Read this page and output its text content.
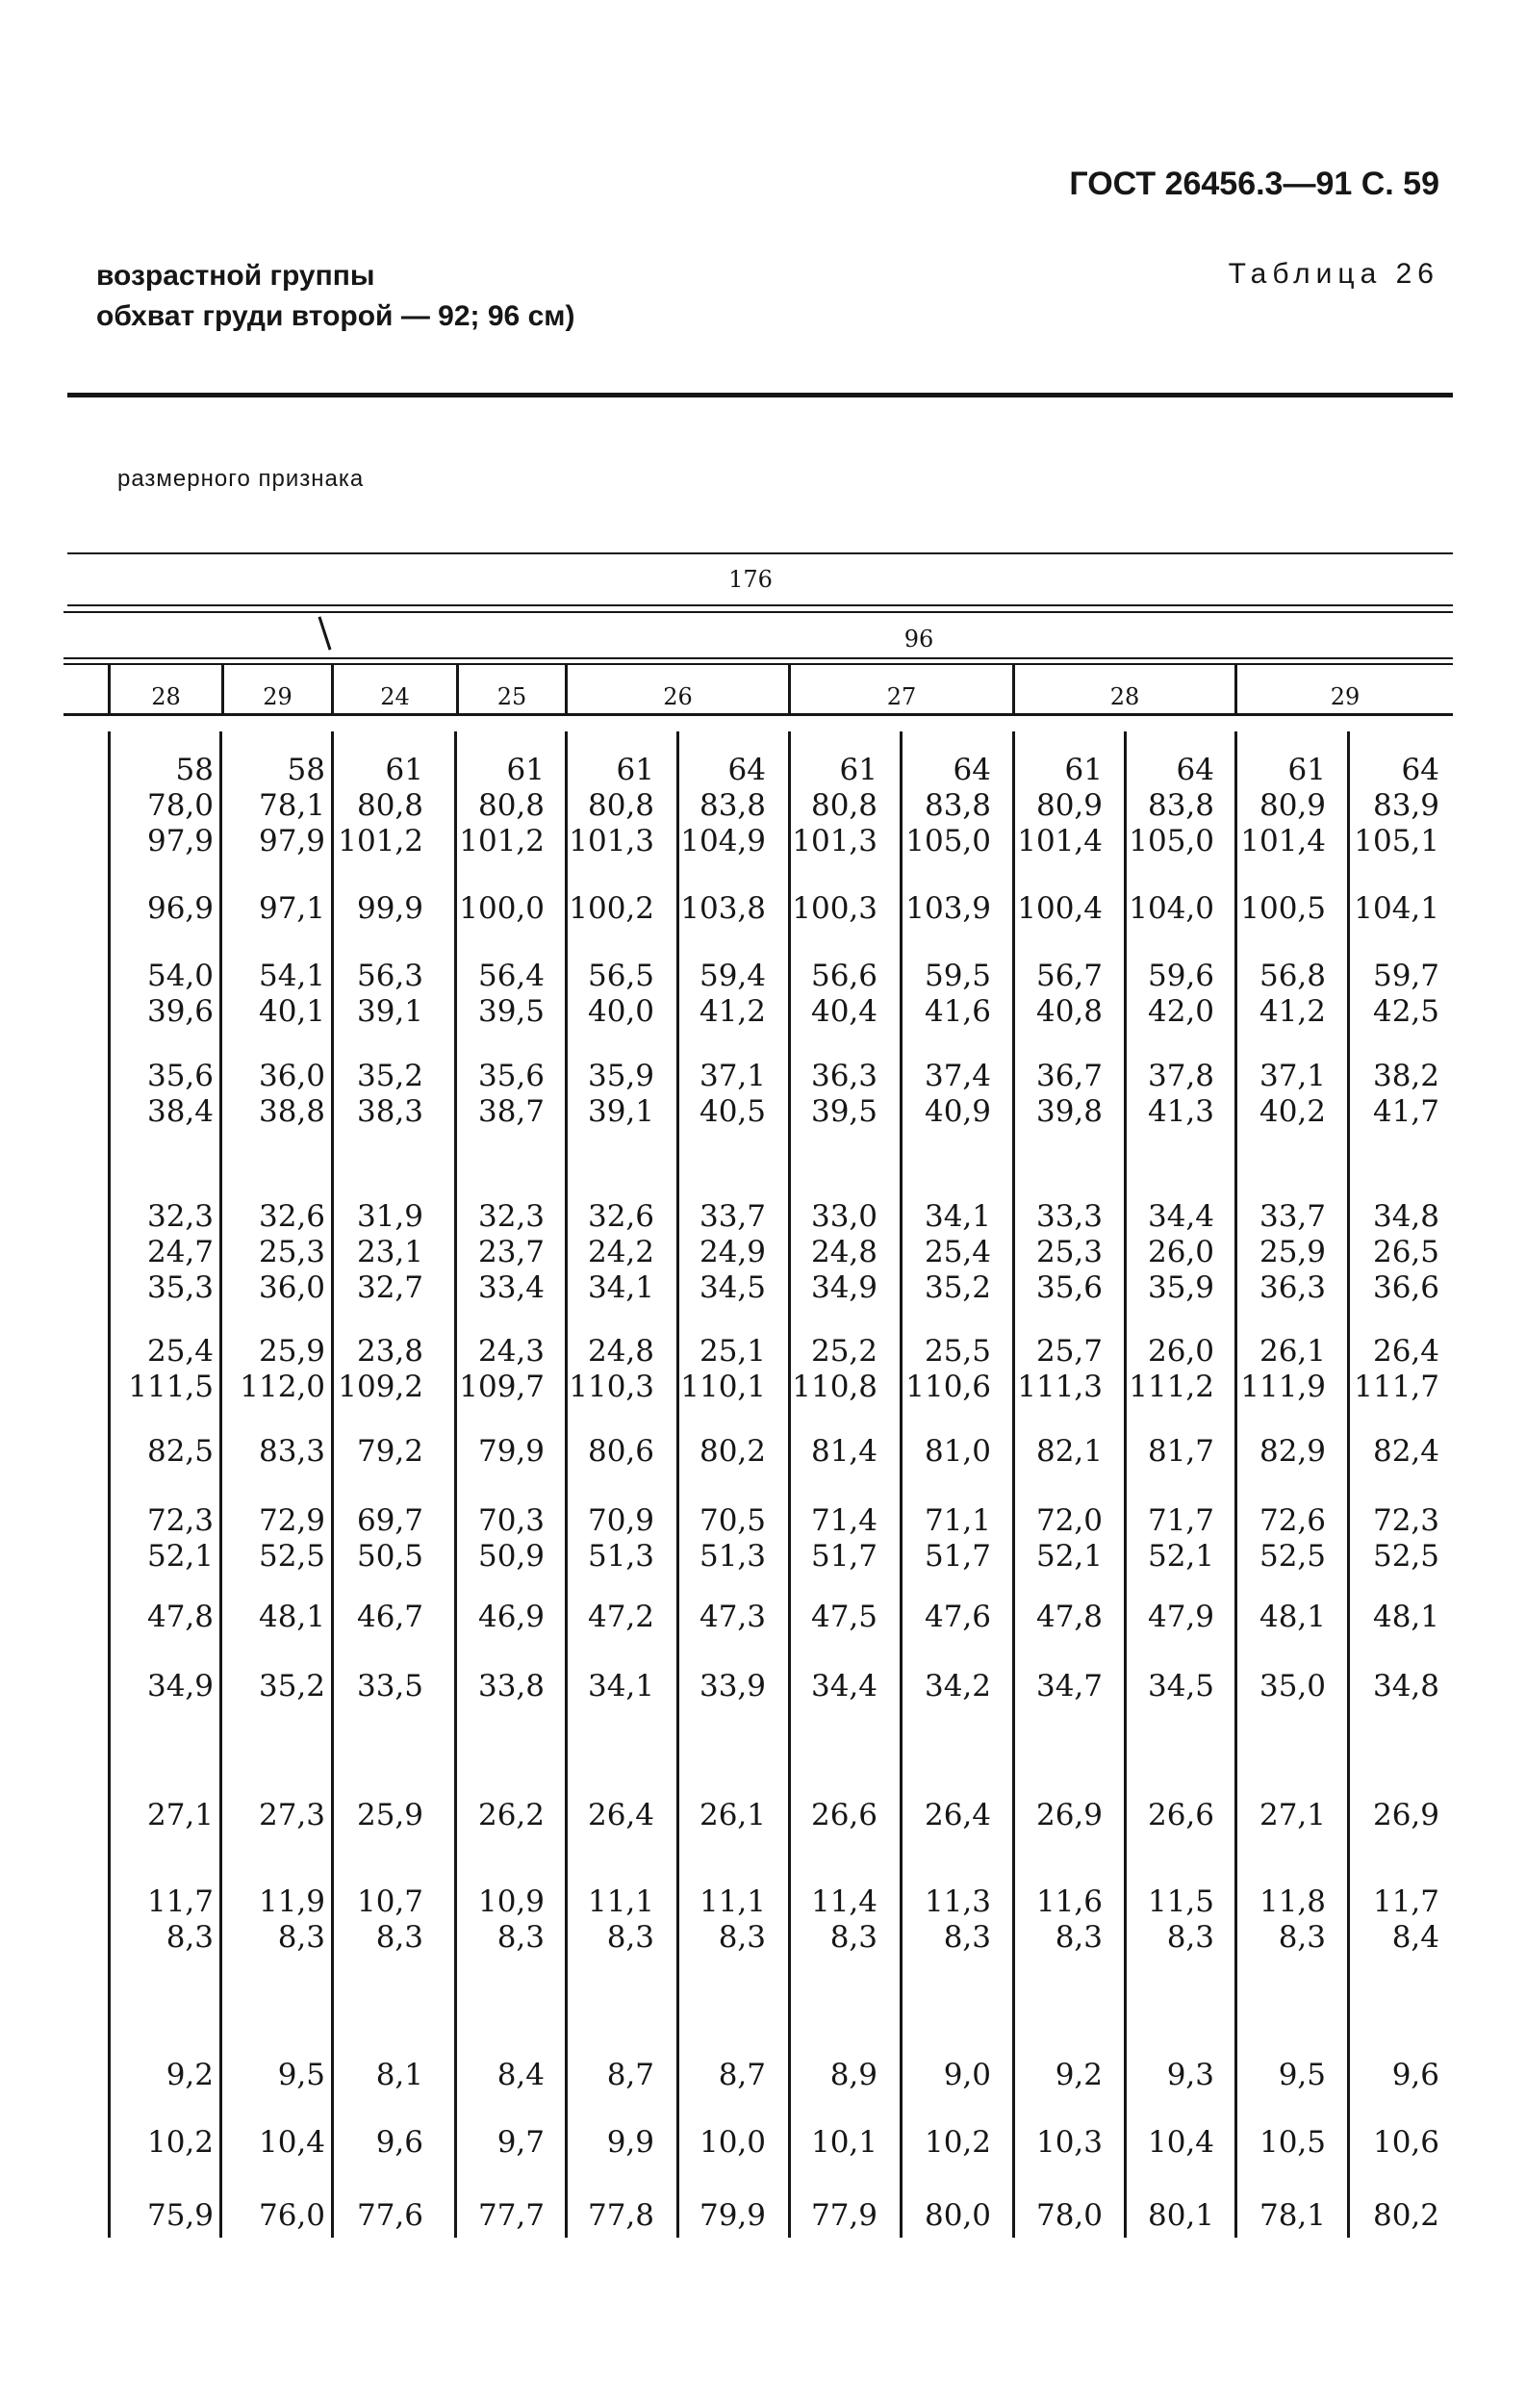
ГОСТ 26456.3—91 С. 59
возрастной группы
обхват груди второй — 92; 96 см)
Таблица 26
размерного признака
176
96
28	29	24	25	26	27	28	29
58	58	61	61	61	64	61	64	61	64	61	64
78,0	78,1	80,8	80,8	80,8	83,8	80,8	83,8	80,9	83,8	80,9	83,9
97,9	97,9 101,2	101,2 101,3 104,9 101,3 105,0 101,4 105,0 101,4 105,1
96,9	97,1	99,9	100,0 100,2 103,8 100,3 103,9 100,4 104,0 100,5 104,1
54,0	54,1	56,3	56,4	56,5	59,4	56,6	59,5	56,7	59,6	56,8	59,7
39,6	40,1	39,1	39,5	40,0	41,2	40,4	41,6	40,8	42,0	41,2	42,5
35,6	36,0	35,2	35,6	35,9	37,1	36,3	37,4	36,7	37,8	37,1	38,2
38,4	38,8	38,3	38,7	39,1	40,5	39,5	40,9	39,8	41,3	40,2	41,7
32,3	32,6	31,9	32,3	32,6	33,7	33,0	34,1	33,3	34,4	33,7	34,8
24,7	25,3	23,1	23,7	24,2	24,9	24,8	25,4	25,3	26,0	25,9	26,5
35,3	36,0	32,7	33,4	34,1	34,5	34,9	35,2	35,6	35,9	36,3	36,6
25,4	25,9	23,8	24,3	24,8	25,1	25,2	25,5	25,7	26,0	26,1	26,4
111,5 112,0 109,2	109,7 110,3 110,1 110,8 110,6 111,3 111,2 111,9 111,7
82,5	83,3	79,2	79,9	80,6	80,2	81,4	81,0	82,1	81,7	82,9	82,4
72,3	72,9	69,7	70,3	70,9	70,5	71,4	71,1	72,0	71,7	72,6	72,3
52,1	52,5	50,5	50,9	51,3	51,3	51,7	51,7	52,1	52,1	52,5	52,5
47,8	48,1	46,7	46,9	47,2	47,3	47,5	47,6	47,8	47,9	48,1	48,1
34,9	35,2	33,5	33,8	34,1	33,9	34,4	34,2	34,7	34,5	35,0	34,8
27,1	27,3	25,9	26,2	26,4	26,1	26,6	26,4	26,9	26,6	27,1	26,9
11,7	11,9	10,7	10,9	11,1	11,1	11,4	11,3	11,6	11,5	11,8	11,7
8,3	8,3	8,3	8,3	8,3	8,3	8,3	8,3	8,3	8,3	8,3	8,4
9,2	9,5	8,1	8,4	8,7	8,7	8,9	9,0	9,2	9,3	9,5	9,6
10,2	10,4	9,6	9,7	9,9	10,0	10,1	10,2	10,3	10,4	10,5	10,6
75,9	76,0	77,6	77,7	77,8	79,9	77,9	80,0	78,0	80,1	78,1	80,2
